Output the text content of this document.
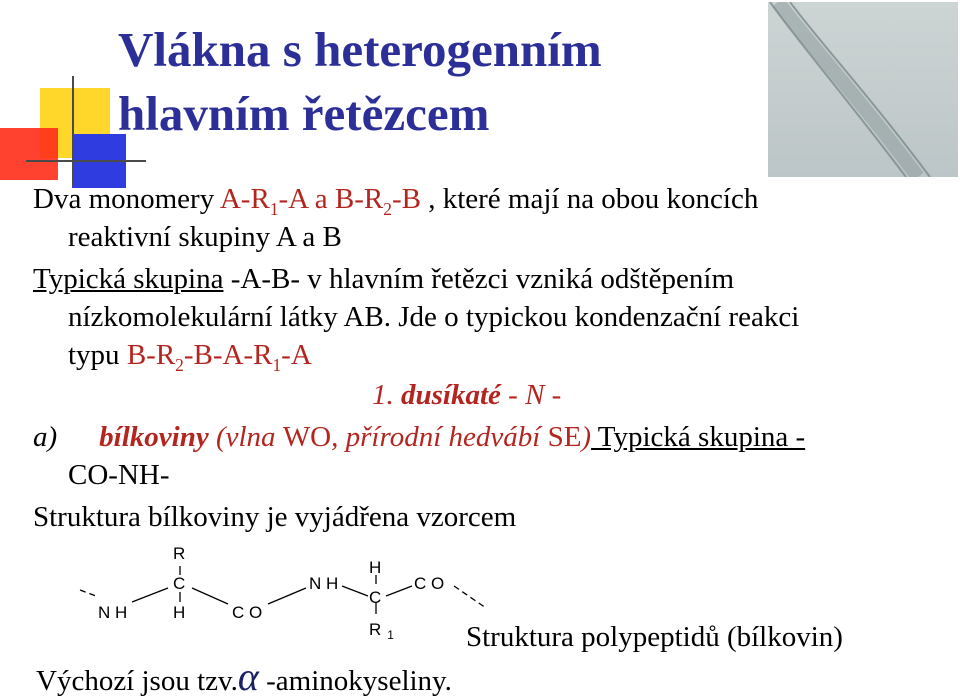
Vlákna s heterogenním
hlavním řetězcem
Dva monomery $A-R_1-A$ a $B-R_2-B$ , které mají na obou koncích
reaktivní skupiny A a B
Typická skupina -A-B- v hlavním řetězci vzniká odštěpením
nízkomolekulární látky AB. Jde o typickou kondenzační reakci
typu $B-R_2-B-A-R_1-A$
1. dusíkaté - N -
a) bílkoviny (vlna WO, přírodní hedvábí SE) Typická skupina -
CO-NH-
Struktura bílkoviny je vyjádřena vzorcem
R
C
H
N H	C O
N H
H
C
R $_1$
C O
Struktura polypeptidů (bílkovin)
Výchozí jsou tzv.α -aminokyseliny.
